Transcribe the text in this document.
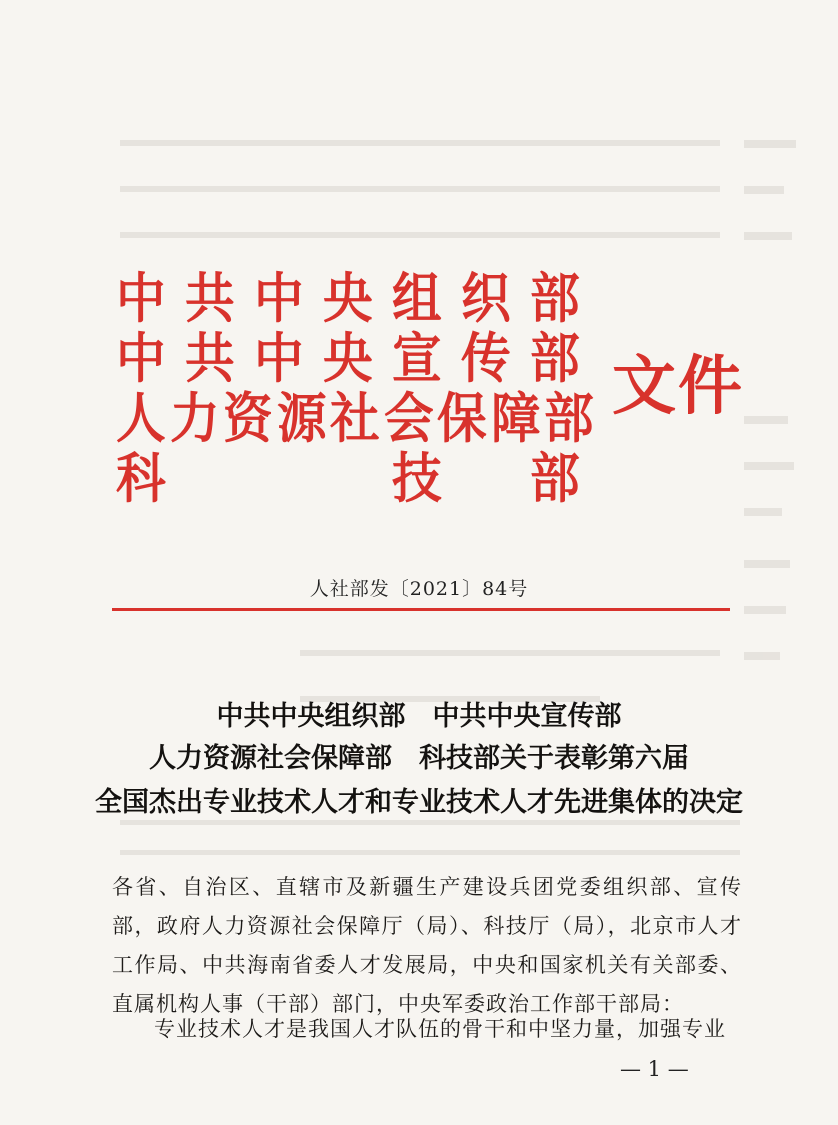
中 共 中 央 组 织 部
中 共 中 央 宣 传 部
人 力 资 源 社 会 保 障 部
科	技 部
文件
人社部发〔2021〕84号
中共中央组织部　中共中央宣传部
人力资源社会保障部　科技部关于表彰第六届
全国杰出专业技术人才和专业技术人才先进集体的决定
各省、自治区、直辖市及新疆生产建设兵团党委组织部、宣传部，政府人力资源社会保障厅（局）、科技厅（局），北京市人才工作局、中共海南省委人才发展局，中央和国家机关有关部委、直属机构人事（干部）部门，中央军委政治工作部干部局：
专业技术人才是我国人才队伍的骨干和中坚力量，加强专业
— 1 —
